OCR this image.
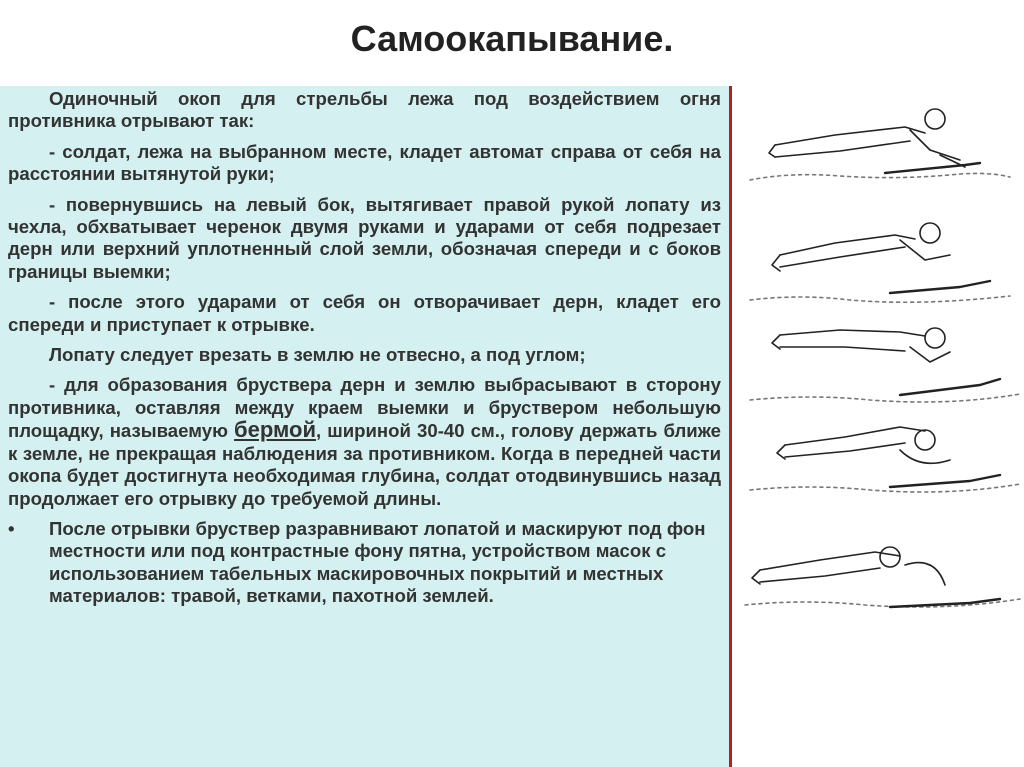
Самоокапывание.

Одиночный окоп для стрельбы лежа под воздействием огня противника отрывают так:

- солдат, лежа на выбранном месте, кладет автомат справа от себя на расстоянии вытянутой руки;

- повернувшись на левый бок, вытягивает правой рукой лопату из чехла, обхватывает черенок двумя руками и ударами от себя подрезает дерн или верхний уплотненный слой земли, обозначая спереди и с боков границы выемки;

- после этого ударами от себя он отворачивает дерн, кладет его спереди и приступает к отрывке.

Лопату следует врезать в землю не отвесно, а под углом;

- для образования бруствера дерн и землю выбрасывают в сторону противника, оставляя между краем выемки и бруствером небольшую площадку, называемую бермой, шириной 30-40 см., голову держать ближе к земле, не прекращая наблюдения за противником. Когда в передней части окопа будет достигнута необходимая глубина, солдат отодвинувшись назад продолжает его отрывку до требуемой длины.

•	После отрывки бруствер разравнивают лопатой и маскируют под фон местности или под контрастные фону пятна, устройством масок с использованием табельных маскировочных покрытий и местных материалов: травой, ветками, пахотной землей.
